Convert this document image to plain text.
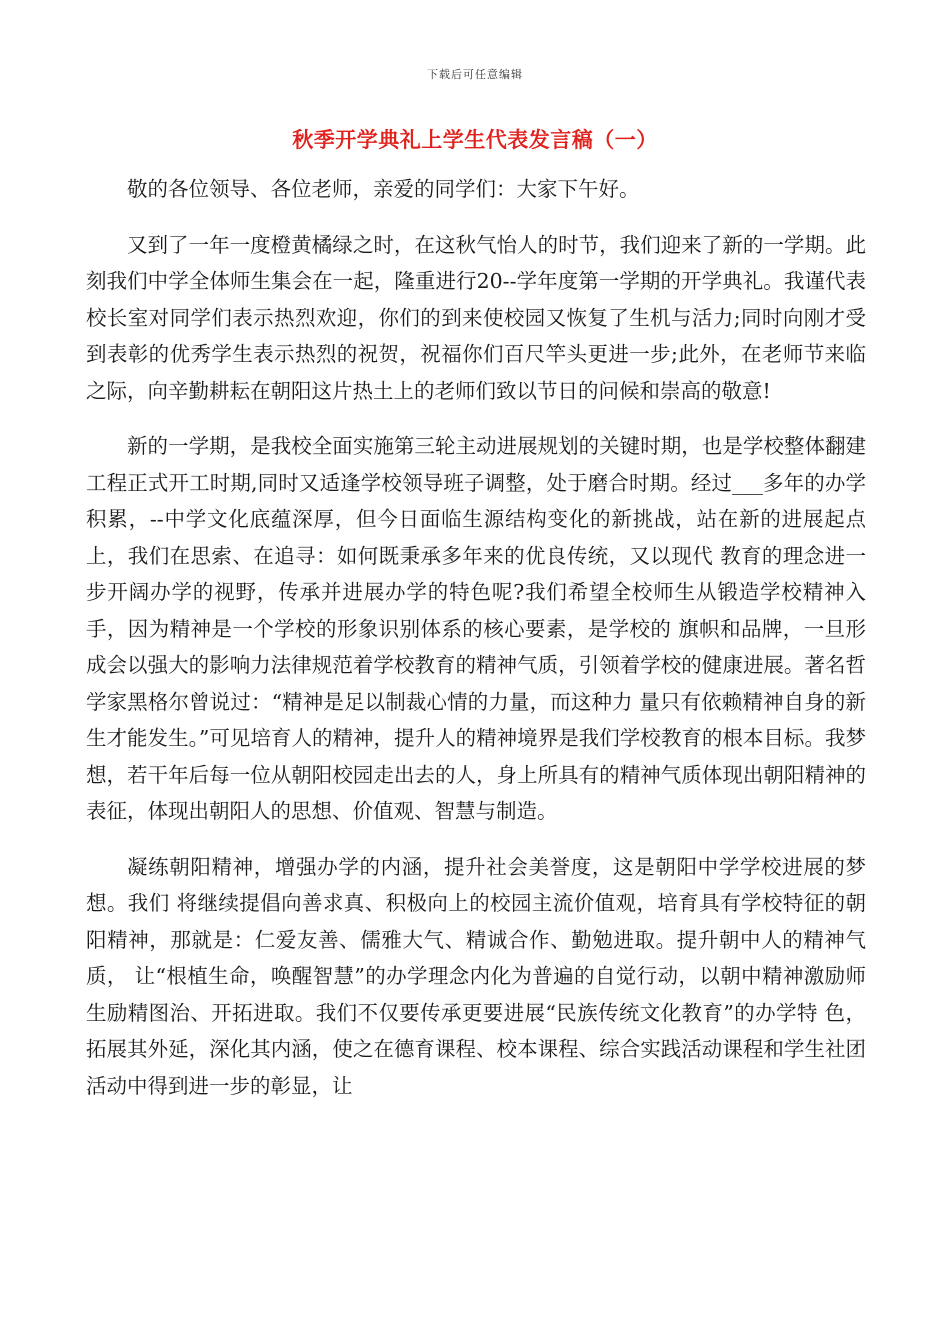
下载后可任意编辑
秋季开学典礼上学生代表发言稿（一）

敬的各位领导、各位老师，亲爱的同学们：大家下午好。

又到了一年一度橙黄橘绿之时，在这秋气怡人的时节，我们迎来了新的一学期。此刻我们中学全体师生集会在一起，隆重进行20--学年度第一学期的开学典礼。我谨代表校长室对同学们表示热烈欢迎，你们的到来使校园又恢复了生机与活力;同时向刚才受到表彰的优秀学生表示热烈的祝贺，祝福你们百尺竿头更进一步;此外，在老师节来临之际，向辛勤耕耘在朝阳这片热土上的老师们致以节日的问候和崇高的敬意!

新的一学期，是我校全面实施第三轮主动进展规划的关键时期，也是学校整体翻建工程正式开工时期,同时又适逢学校领导班子调整，处于磨合时期。经过___多年的办学积累，--中学文化底蕴深厚，但今日面临生源结构变化的新挑战，站在新的进展起点上，我们在思索、在追寻：如何既秉承多年来的优良传统，又以现代 教育的理念进一步开阔办学的视野，传承并进展办学的特色呢?我们希望全校师生从锻造学校精神入手，因为精神是一个学校的形象识别体系的核心要素，是学校的 旗帜和品牌，一旦形成会以强大的影响力法律规范着学校教育的精神气质，引领着学校的健康进展。著名哲学家黑格尔曾说过：“精神是足以制裁心情的力量，而这种力 量只有依赖精神自身的新生才能发生。”可见培育人的精神，提升人的精神境界是我们学校教育的根本目标。我梦想，若干年后每一位从朝阳校园走出去的人，身上所具有的精神气质体现出朝阳精神的表征，体现出朝阳人的思想、价值观、智慧与制造。

凝练朝阳精神，增强办学的内涵，提升社会美誉度，这是朝阳中学学校进展的梦想。我们 将继续提倡向善求真、积极向上的校园主流价值观，培育具有学校特征的朝阳精神，那就是：仁爱友善、儒雅大气、精诚合作、勤勉进取。提升朝中人的精神气质， 让“根植生命，唤醒智慧”的办学理念内化为普遍的自觉行动，以朝中精神激励师生励精图治、开拓进取。我们不仅要传承更要进展“民族传统文化教育”的办学特 色，拓展其外延，深化其内涵，使之在德育课程、校本课程、综合实践活动课程和学生社团活动中得到进一步的彰显，让
